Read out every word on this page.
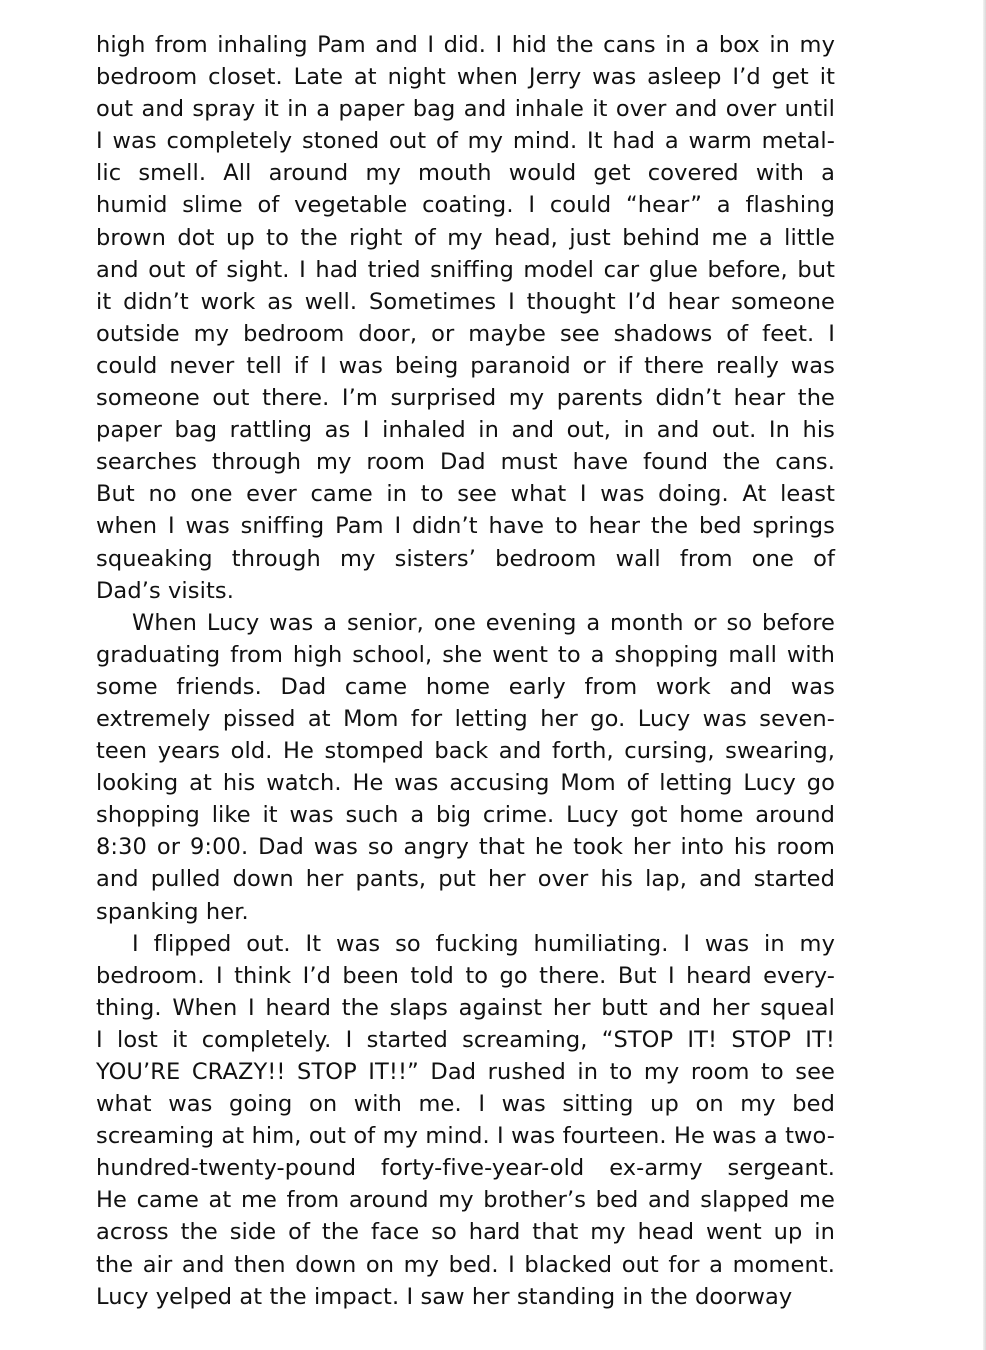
high from inhaling Pam and I did. I hid the cans in a box in my
bedroom closet. Late at night when Jerry was asleep I’d get it
out and spray it in a paper bag and inhale it over and over until
I was completely stoned out of my mind. It had a warm metal-
lic smell. All around my mouth would get covered with a
humid slime of vegetable coating. I could “hear” a flashing
brown dot up to the right of my head, just behind me a little
and out of sight. I had tried sniffing model car glue before, but
it didn’t work as well. Sometimes I thought I’d hear someone
outside my bedroom door, or maybe see shadows of feet. I
could never tell if I was being paranoid or if there really was
someone out there. I’m surprised my parents didn’t hear the
paper bag rattling as I inhaled in and out, in and out. In his
searches through my room Dad must have found the cans.
But no one ever came in to see what I was doing. At least
when I was sniffing Pam I didn’t have to hear the bed springs
squeaking through my sisters’ bedroom wall from one of
Dad’s visits.
When Lucy was a senior, one evening a month or so before
graduating from high school, she went to a shopping mall with
some friends. Dad came home early from work and was
extremely pissed at Mom for letting her go. Lucy was seven-
teen years old. He stomped back and forth, cursing, swearing,
looking at his watch. He was accusing Mom of letting Lucy go
shopping like it was such a big crime. Lucy got home around
8:30 or 9:00. Dad was so angry that he took her into his room
and pulled down her pants, put her over his lap, and started
spanking her.
I flipped out. It was so fucking humiliating. I was in my
bedroom. I think I’d been told to go there. But I heard every-
thing. When I heard the slaps against her butt and her squeal
I lost it completely. I started screaming, “STOP IT! STOP IT!
YOU’RE CRAZY!! STOP IT!!” Dad rushed in to my room to see
what was going on with me. I was sitting up on my bed
screaming at him, out of my mind. I was fourteen. He was a two-
hundred-twenty-pound forty-five-year-old ex-army sergeant.
He came at me from around my brother’s bed and slapped me
across the side of the face so hard that my head went up in
the air and then down on my bed. I blacked out for a moment.
Lucy yelped at the impact. I saw her standing in the doorway
